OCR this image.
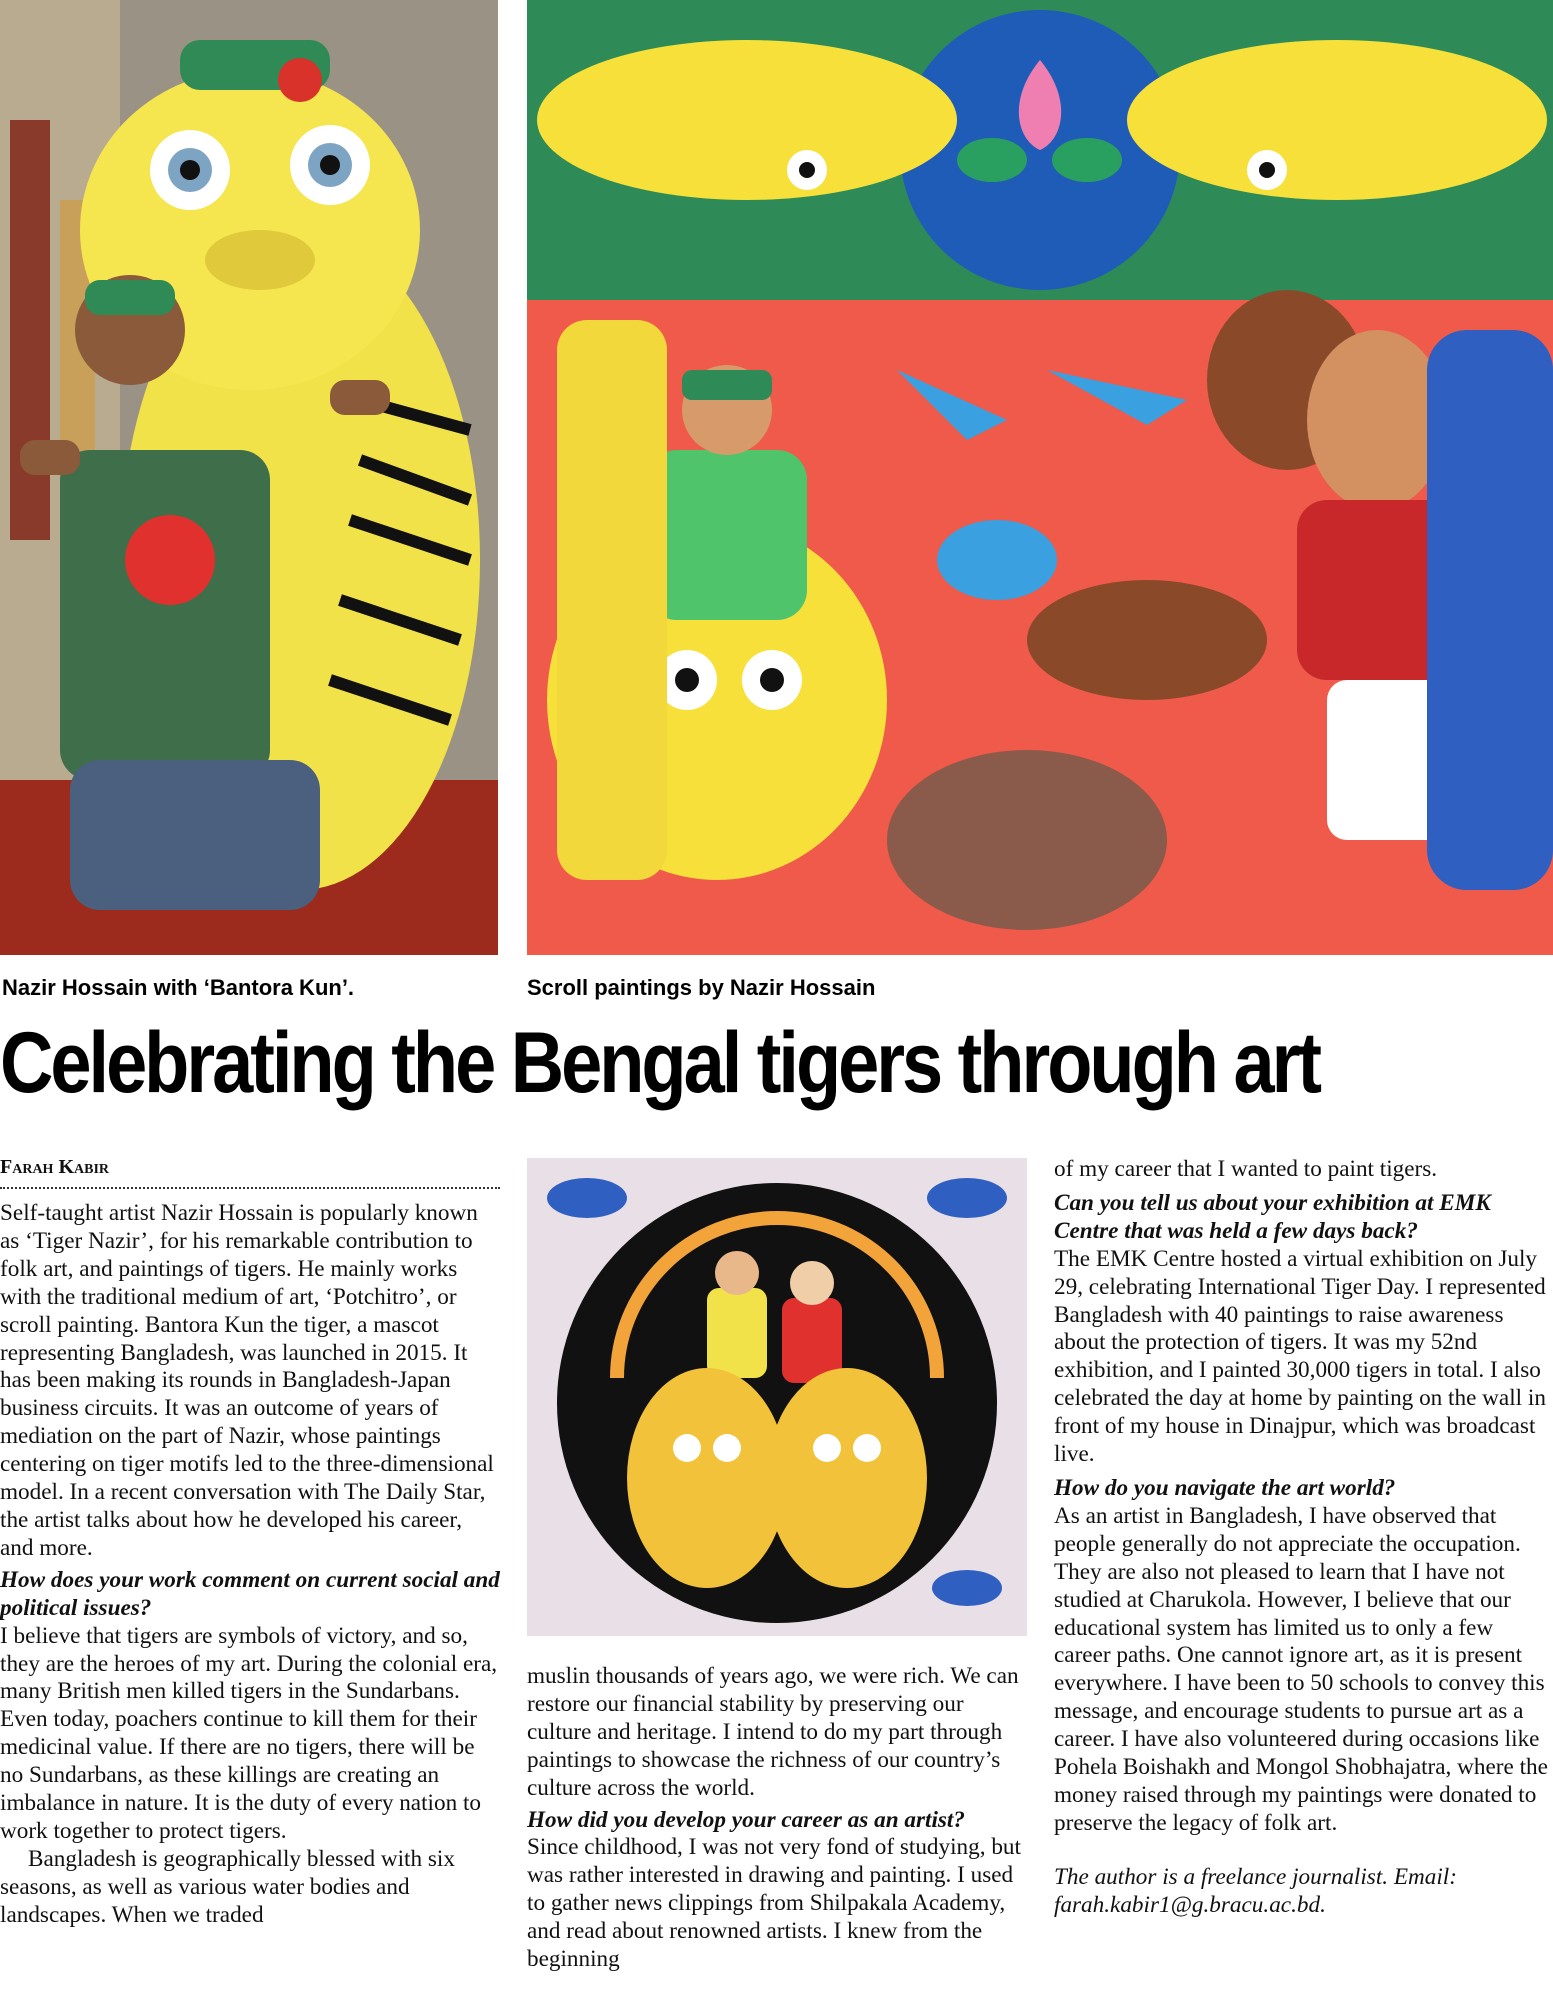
Nazir Hossain with ‘Bantora Kun’.	Scroll paintings by Nazir Hossain
Celebrating the Bengal tigers through art
Farah Kabir

Self-taught artist Nazir Hossain is popularly known as ‘Tiger Nazir’, for his remarkable contribution to folk art, and paintings of tigers. He mainly works with the traditional medium of art, ‘Potchitro’, or scroll painting. Bantora Kun the tiger, a mascot representing Bangladesh, was launched in 2015. It has been making its rounds in Bangladesh-Japan business circuits. It was an outcome of years of mediation on the part of Nazir, whose paintings centering on tiger motifs led to the three-dimensional model. In a recent conversation with The Daily Star, the artist talks about how he developed his career, and more.

How does your work comment on current social and political issues?

I believe that tigers are symbols of victory, and so, they are the heroes of my art. During the colonial era, many British men killed tigers in the Sundarbans. Even today, poachers continue to kill them for their medicinal value. If there are no tigers, there will be no Sundarbans, as these killings are creating an imbalance in nature. It is the duty of every nation to work together to protect tigers.

Bangladesh is geographically blessed with six seasons, as well as various water bodies and landscapes. When we traded

muslin thousands of years ago, we were rich. We can restore our financial stability by preserving our culture and heritage. I intend to do my part through paintings to showcase the richness of our country’s culture across the world.

How did you develop your career as an artist?

Since childhood, I was not very fond of studying, but was rather interested in drawing and painting. I used to gather news clippings from Shilpakala Academy, and read about renowned artists. I knew from the beginning

of my career that I wanted to paint tigers.

Can you tell us about your exhibition at EMK Centre that was held a few days back?

The EMK Centre hosted a virtual exhibition on July 29, celebrating International Tiger Day. I represented Bangladesh with 40 paintings to raise awareness about the protection of tigers. It was my 52nd exhibition, and I painted 30,000 tigers in total. I also celebrated the day at home by painting on the wall in front of my house in Dinajpur, which was broadcast live.

How do you navigate the art world?

As an artist in Bangladesh, I have observed that people generally do not appreciate the occupation. They are also not pleased to learn that I have not studied at Charukola. However, I believe that our educational system has limited us to only a few career paths. One cannot ignore art, as it is present everywhere. I have been to 50 schools to convey this message, and encourage students to pursue art as a career. I have also volunteered during occasions like Pohela Boishakh and Mongol Shobhajatra, where the money raised through my paintings were donated to preserve the legacy of folk art.

The author is a freelance journalist. Email: farah.kabir1@g.bracu.ac.bd.
